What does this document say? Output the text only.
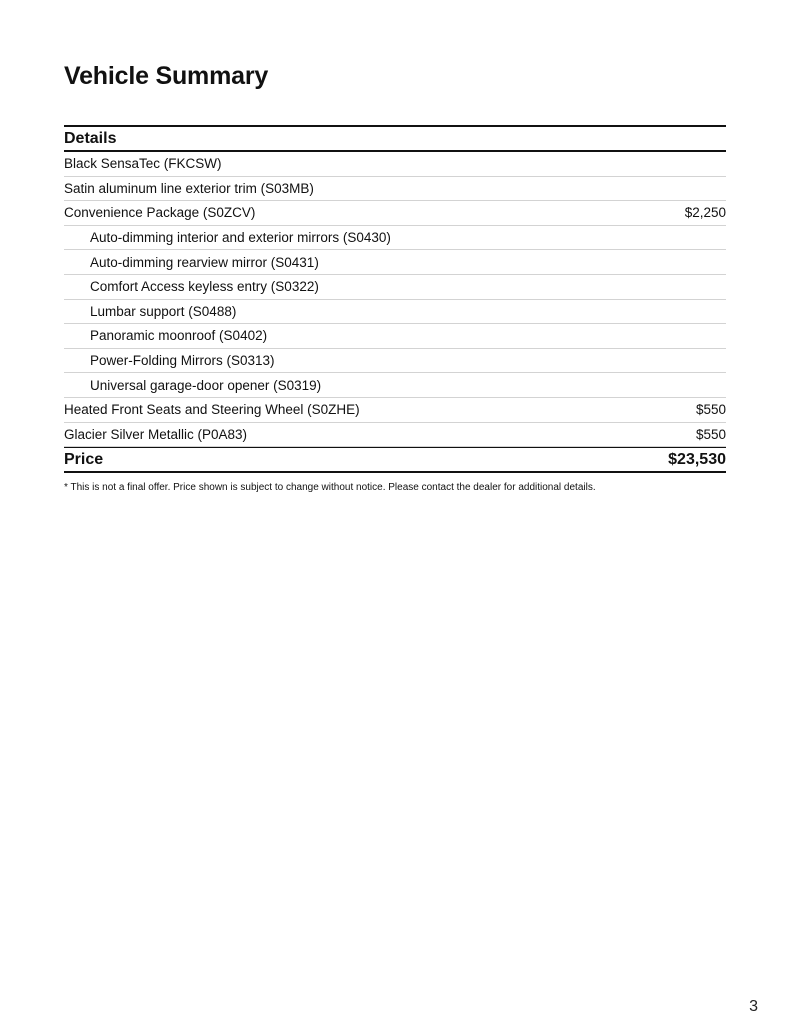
Vehicle Summary
Details
Black SensaTec (FKCSW)
Satin aluminum line exterior trim (S03MB)
Convenience Package (S0ZCV)	$2,250
Auto-dimming interior and exterior mirrors (S0430)
Auto-dimming rearview mirror (S0431)
Comfort Access keyless entry (S0322)
Lumbar support (S0488)
Panoramic moonroof (S0402)
Power-Folding Mirrors (S0313)
Universal garage-door opener (S0319)
Heated Front Seats and Steering Wheel (S0ZHE)	$550
Glacier Silver Metallic (P0A83)	$550
Price	$23,530
* This is not a final offer. Price shown is subject to change without notice. Please contact the dealer for additional details.
3
